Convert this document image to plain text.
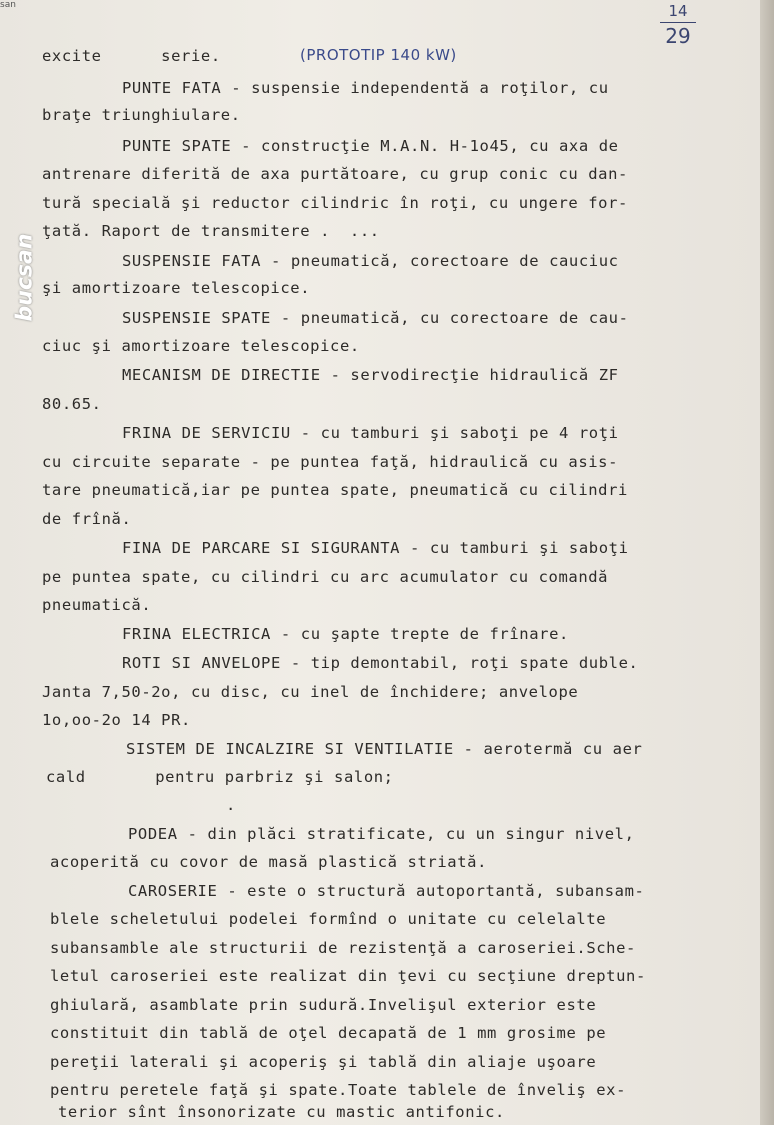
san
bucsan
14
29
(PROTOTIP 140 kW)
excite      serie.
PUNTE FATA - suspensie independentă a roţilor, cu
braţe triunghiulare.
PUNTE SPATE - construcţie M.A.N. H-1o45, cu axa de
antrenare diferită de axa purtătoare, cu grup conic cu dan-
tură specială şi reductor cilindric în roţi, cu ungere for-
ţată. Raport de transmitere .  ...
SUSPENSIE FATA - pneumatică, corectoare de cauciuc
şi amortizoare telescopice.
SUSPENSIE SPATE - pneumatică, cu corectoare de cau-
ciuc şi amortizoare telescopice.
MECANISM DE DIRECTIE - servodirecţie hidraulică ZF
80.65.
FRINA DE SERVICIU - cu tamburi şi saboţi pe 4 roţi
cu circuite separate - pe puntea faţă, hidraulică cu asis-
tare pneumatică,iar pe puntea spate, pneumatică cu cilindri
de frînă.
FINA DE PARCARE SI SIGURANTA - cu tamburi şi saboţi
pe puntea spate, cu cilindri cu arc acumulator cu comandă
pneumatică.
FRINA ELECTRICA - cu şapte trepte de frînare.
ROTI SI ANVELOPE - tip demontabil, roţi spate duble.
Janta 7,50-2o, cu disc, cu inel de închidere; anvelope
1o,oo-2o 14 PR.
SISTEM DE INCALZIRE SI VENTILATIE - aerotermă cu aer
cald       pentru parbriz şi salon;
.
PODEA - din plăci stratificate, cu un singur nivel,
acoperită cu covor de masă plastică striată.
CAROSERIE - este o structură autoportantă, subansam-
blele scheletului podelei formînd o unitate cu celelalte
subansamble ale structurii de rezistenţă a caroseriei.Sche-
letul caroseriei este realizat din ţevi cu secţiune dreptun-
ghiulară, asamblate prin sudură.Invelişul exterior este
constituit din tablă de oţel decapată de 1 mm grosime pe
pereţii laterali şi acoperiş şi tablă din aliaje uşoare
pentru peretele faţă şi spate.Toate tablele de înveliş ex-
terior sînt însonorizate cu mastic antifonic.
